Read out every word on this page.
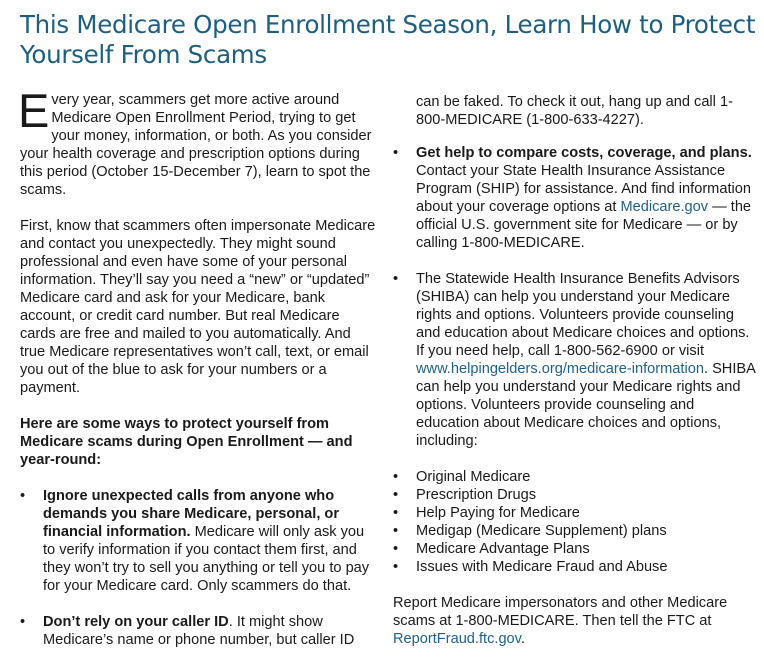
This Medicare Open Enrollment Season, Learn How to Protect Yourself From Scams

Every year, scammers get more active around Medicare Open Enrollment Period, trying to get your money, information, or both. As you consider your health coverage and prescription options during this period (October 15-December 7), learn to spot the scams.

First, know that scammers often impersonate Medicare and contact you unexpectedly. They might sound professional and even have some of your personal information. They’ll say you need a “new” or “updated” Medicare card and ask for your Medicare, bank account, or credit card number. But real Medicare cards are free and mailed to you automatically. And true Medicare representatives won’t call, text, or email you out of the blue to ask for your numbers or a payment.

Here are some ways to protect yourself from Medicare scams during Open Enrollment — and year-round:

• Ignore unexpected calls from anyone who demands you share Medicare, personal, or financial information. Medicare will only ask you to verify information if you contact them first, and they won’t try to sell you anything or tell you to pay for your Medicare card. Only scammers do that.
• Don’t rely on your caller ID. It might show Medicare’s name or phone number, but caller ID

can be faked. To check it out, hang up and call 1-800-MEDICARE (1-800-633-4227).

• Get help to compare costs, coverage, and plans. Contact your State Health Insurance Assistance Program (SHIP) for assistance. And find information about your coverage options at Medicare.gov — the official U.S. government site for Medicare — or by calling 1-800-MEDICARE.
• The Statewide Health Insurance Benefits Advisors (SHIBA) can help you understand your Medicare rights and options. Volunteers provide counseling and education about Medicare choices and options. If you need help, call 1-800-562-6900 or visit www.helpingelders.org/medicare-information. SHIBA can help you understand your Medicare rights and options. Volunteers provide counseling and education about Medicare choices and options, including:
• Original Medicare
• Prescription Drugs
• Help Paying for Medicare
• Medigap (Medicare Supplement) plans
• Medicare Advantage Plans
• Issues with Medicare Fraud and Abuse

Report Medicare impersonators and other Medicare scams at 1-800-MEDICARE. Then tell the FTC at ReportFraud.ftc.gov.
